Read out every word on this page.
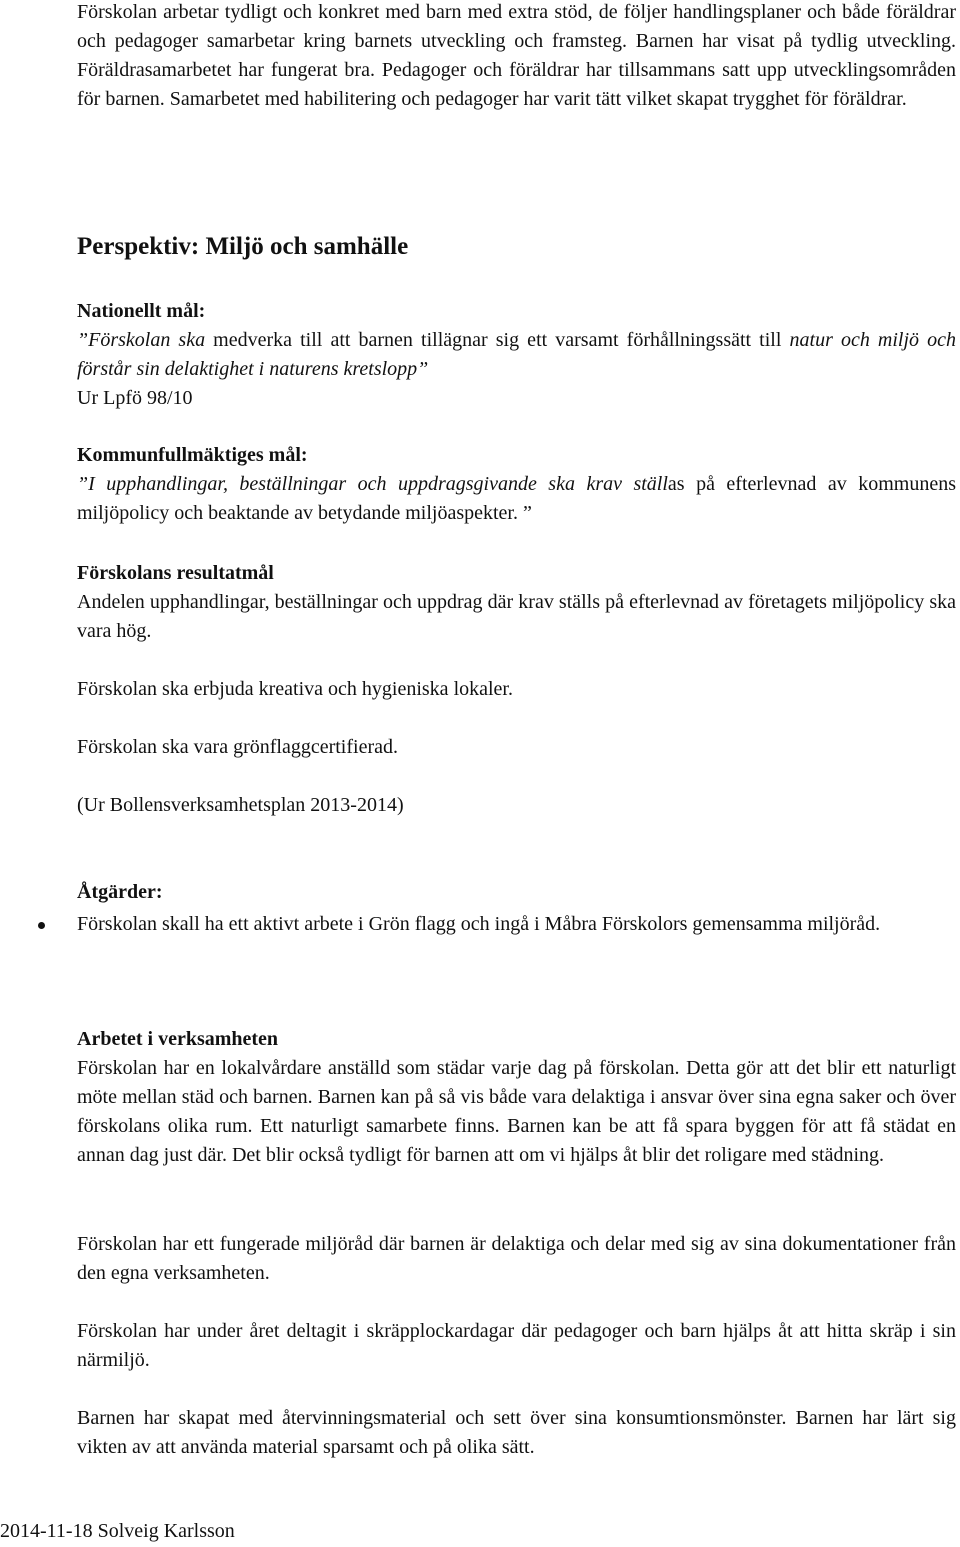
Förskolan arbetar tydligt och konkret med barn med extra stöd, de följer handlingsplaner och både föräldrar och pedagoger samarbetar kring barnets utveckling och framsteg. Barnen har visat på tydlig utveckling. Föräldrasamarbetet har fungerat bra. Pedagoger och föräldrar har tillsammans satt upp utvecklingsområden för barnen. Samarbetet med habilitering och pedagoger har varit tätt vilket skapat trygghet för föräldrar.

Perspektiv: Miljö och samhälle

Nationellt mål:

”Förskolan ska medverka till att barnen tillägnar sig ett varsamt förhållningssätt till natur och miljö och förstår sin delaktighet i naturens kretslopp”

Ur Lpfö 98/10

Kommunfullmäktiges mål:

”I upphandlingar, beställningar och uppdragsgivande ska krav ställas på efterlevnad av kommunens miljöpolicy och beaktande av betydande miljöaspekter. ”

Förskolans resultatmål

Andelen upphandlingar, beställningar och uppdrag där krav ställs på efterlevnad av företagets miljöpolicy ska vara hög.

Förskolan ska erbjuda kreativa och hygieniska lokaler.

Förskolan ska vara grönflaggcertifierad.

(Ur Bollensverksamhetsplan 2013-2014)

Åtgärder:

Förskolan skall ha ett aktivt arbete i Grön flagg och ingå i Måbra Förskolors gemensamma miljöråd.

Arbetet i verksamheten

Förskolan har en lokalvårdare anställd som städar varje dag på förskolan. Detta gör att det blir ett naturligt möte mellan städ och barnen. Barnen kan på så vis både vara delaktiga i ansvar över sina egna saker och över förskolans olika rum. Ett naturligt samarbete finns. Barnen kan be att få spara byggen för att få städat en annan dag just där. Det blir också tydligt för barnen att om vi hjälps åt blir det roligare med städning.

Förskolan har ett fungerade miljöråd där barnen är delaktiga och delar med sig av sina dokumentationer från den egna verksamheten.

Förskolan har under året deltagit i skräpplockardagar där pedagoger och barn hjälps åt att hitta skräp i sin närmiljö.

Barnen har skapat med återvinningsmaterial och sett över sina konsumtionsmönster. Barnen har lärt sig vikten av att använda material sparsamt och på olika sätt.

2014-11-18 Solveig Karlsson
